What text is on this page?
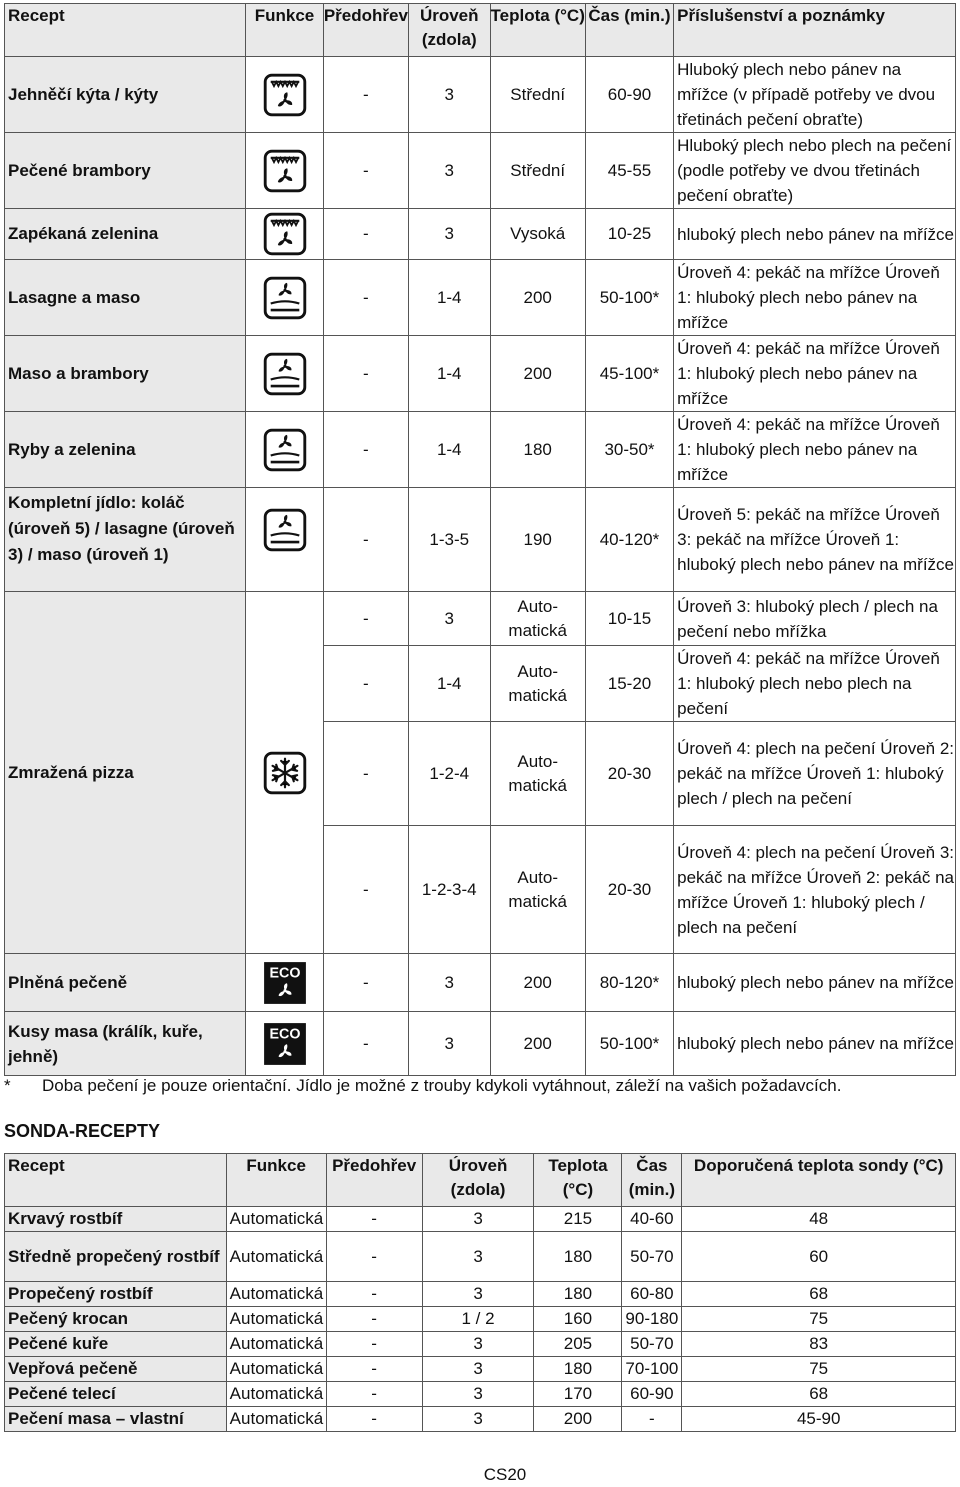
Recept	Funkce	Předohřev	Úroveň (zdola)	Teplota (°C)	Čas (min.)	Příslušenství a poznámky
Jehněčí kýta / kýty		-	3	Střední	60-90	Hluboký plech nebo pánev na mřížce (v případě potřeby ve dvou třetinách pečení obraťte)
Pečené brambory		-	3	Střední	45-55	Hluboký plech nebo plech na pečení (podle potřeby ve dvou třetinách pečení obraťte)
Zapékaná zelenina		-	3	Vysoká	10-25	hluboký plech nebo pánev na mřížce
Lasagne a maso		-	1-4	200	50-100*	Úroveň 4: pekáč na mřížce Úroveň 1: hluboký plech nebo pánev na mřížce
Maso a brambory		-	1-4	200	45-100*	Úroveň 4: pekáč na mřížce Úroveň 1: hluboký plech nebo pánev na mřížce
Ryby a zelenina		-	1-4	180	30-50*	Úroveň 4: pekáč na mřížce Úroveň 1: hluboký plech nebo pánev na mřížce
Kompletní jídlo: koláč (úroveň 5) / lasagne (úroveň 3) / maso (úroveň 1)		-	1-3-5	190	40-120*	Úroveň 5: pekáč na mřížce Úroveň 3: pekáč na mřížce Úroveň 1: hluboký plech nebo pánev na mřížce
Zmražená pizza		-	3	Auto-matická	10-15	Úroveň 3: hluboký plech / plech na pečení nebo mřížka
		-	1-4	Auto-matická	15-20	Úroveň 4: pekáč na mřížce Úroveň 1: hluboký plech nebo plech na pečení
		-	1-2-4	Auto-matická	20-30	Úroveň 4: plech na pečení Úroveň 2: pekáč na mřížce Úroveň 1: hluboký plech / plech na pečení
		-	1-2-3-4	Auto-matická	20-30	Úroveň 4: plech na pečení Úroveň 3: pekáč na mřížce Úroveň 2: pekáč na mřížce Úroveň 1: hluboký plech / plech na pečení
Plněná pečeně	ECO	-	3	200	80-120*	hluboký plech nebo pánev na mřížce
Kusy masa (králík, kuře, jehně)	ECO	-	3	200	50-100*	hluboký plech nebo pánev na mřížce
* Doba pečení je pouze orientační. Jídlo je možné z trouby kdykoli vytáhnout, záleží na vašich požadavcích.
SONDA-RECEPTY
Recept	Funkce	Předohřev	Úroveň (zdola)	Teplota (°C)	Čas (min.)	Doporučená teplota sondy (°C)
Krvavý rostbíf	Automatická	-	3	215	40-60	48
Středně propečený rostbíf	Automatická	-	3	180	50-70	60
Propečený rostbíf	Automatická	-	3	180	60-80	68
Pečený krocan	Automatická	-	1 / 2	160	90-180	75
Pečené kuře	Automatická	-	3	205	50-70	83
Vepřová pečeně	Automatická	-	3	180	70-100	75
Pečené telecí	Automatická	-	3	170	60-90	68
Pečení masa – vlastní	Automatická	-	3	200	-	45-90
CS20
